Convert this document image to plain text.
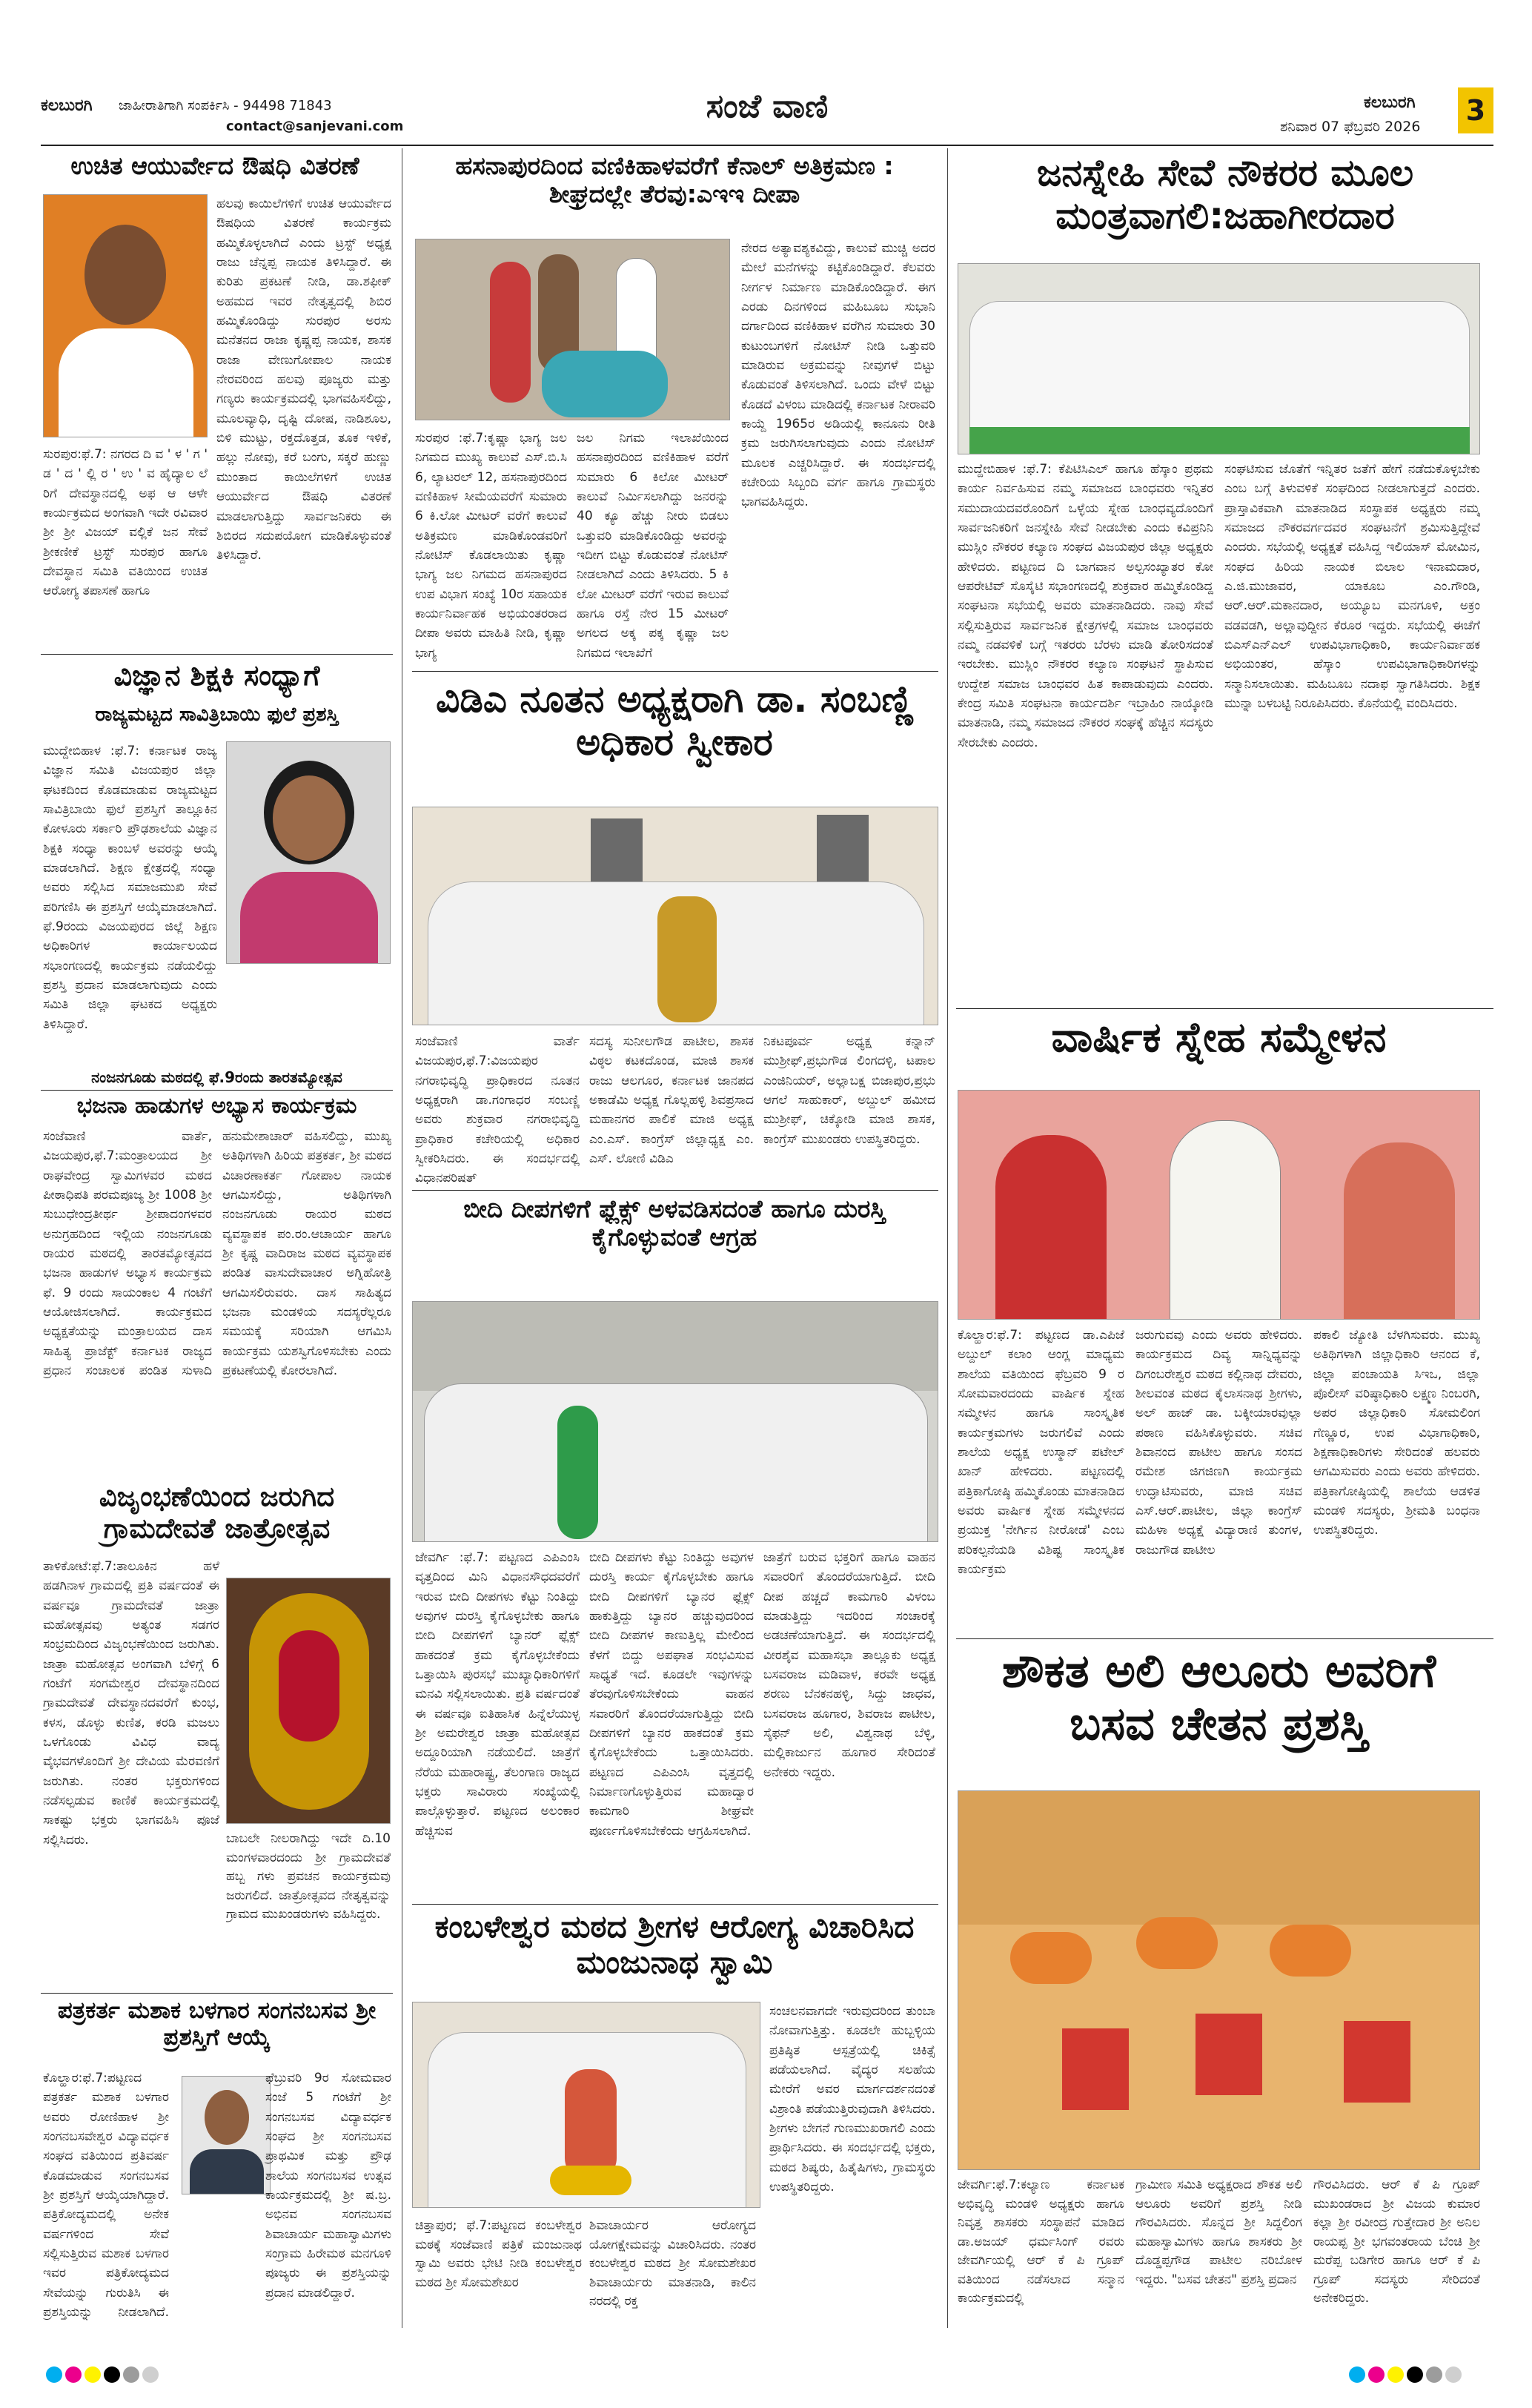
ಕಲಬುರಗಿ ಜಾಹೀರಾತಿಗಾಗಿ ಸಂಪರ್ಕಿಸಿ - 94498 71843
contact@sanjevani.com
ಸಂಜೆ ವಾಣಿ	ಕಲಬುರಗಿ
ಶನಿವಾರ 07 ಫೆಬ್ರವರಿ 2026 3
ಉಚಿತ ಆಯುರ್ವೇದ ಔಷಧಿ ವಿತರಣೆ
ಹಲವು ಕಾಯಿಲೆಗಳಿಗೆ ಉಚಿತ ಆಯುರ್ವೇದ ಔಷಧಿಯ ವಿತರಣೆ ಕಾರ್ಯಕ್ರಮ ಹಮ್ಮಿಕೊಳ್ಳಲಾಗಿದೆ ಎಂದು ಟ್ರಸ್ಟ್ ಅಧ್ಯಕ್ಷ ರಾಜು ಚೆನ್ನಪ್ಪ ನಾಯಕ ತಿಳಿಸಿದ್ದಾರೆ. ಈ ಕುರಿತು ಪ್ರಕಟಣೆ ನೀಡಿ, ಡಾ.ಶಫೀಕ್ ಅಹಮದ ಇವರ ನೇತೃತ್ವದಲ್ಲಿ ಶಿಬಿರ ಹಮ್ಮಿಕೊಂಡಿದ್ದು ಸುರಪುರ ಅರಸು ಮನೆತನದ ರಾಜಾ ಕೃಷ್ಣಪ್ಪ ನಾಯಕ, ಶಾಸಕ ರಾಜಾ ವೇಣುಗೋಪಾಲ ನಾಯಕ ನೇರವರಿಂದ ಹಲವು ಪೂಜ್ಯರು ಮತ್ತು ಗಣ್ಯರು ಕಾರ್ಯಕ್ರಮದಲ್ಲಿ ಭಾಗವಹಿಸಲಿದ್ದು, ಮೂಲವ್ಯಾಧಿ, ದೃಷ್ಟಿ ದೋಷ, ನಾಡಿಶೂಲ, ಬಿಳಿ ಮುಟ್ಟು, ರಕ್ತದೊತ್ತಡ, ತೂಕ ಇಳಿಕೆ, ಹಲ್ಲು ನೋವು, ಕರೆ ಬಂಗು, ಸಕ್ಕರೆ ಹುಣ್ಣು ಮುಂತಾದ ಕಾಯಿಲೆಗಳಿಗೆ ಉಚಿತ ಆಯುರ್ವೇದ ಔಷಧಿ ವಿತರಣೆ ಮಾಡಲಾಗುತ್ತಿದ್ದು ಸಾರ್ವಜನಿಕರು ಈ ಶಿಬಿರದ ಸದುಪಯೋಗ ಮಾಡಿಕೊಳ್ಳುವಂತೆ ತಿಳಿಸಿದ್ದಾರೆ.
ಸುರಪುರ:ಫೆ.7: ನಗರದ ದಿ ವ ' ಳ ' ಗ ' ಡ ' ದ ' ಲ್ಲಿ ರ ' ಉ ' ವ ಹೈದ್ಯಾಲ ಲೆ ರಿಗೆ ದೇವಸ್ಥಾನದಲ್ಲಿ ಅಫ ಆ ಆಳೇ ಕಾರ್ಯಕ್ರಮದ ಅಂಗವಾಗಿ ಇದೇ ರವಿವಾರ ಶ್ರೀ ಶ್ರೀ ವಿಜಯ್ ವಲ್ಲಿಕೆ ಜನ ಸೇವೆ ಶ್ರೀಕಣೀಕೆ ಟ್ರಸ್ಟ್ ಸುರಪುರ ಹಾಗೂ ದೇವಸ್ಥಾನ ಸಮಿತಿ ವತಿಯಿಂದ ಉಚಿತ ಆರೋಗ್ಯ ತಪಾಸಣೆ ಹಾಗೂ
ವಿಜ್ಞಾನ ಶಿಕ್ಷಕಿ ಸಂಧ್ಯಾಗೆ
ರಾಜ್ಯಮಟ್ಟದ ಸಾವಿತ್ರಿಬಾಯಿ ಫುಲೆ ಪ್ರಶಸ್ತಿ
ಮುದ್ದೇಬಿಹಾಳ :ಫೆ.7: ಕರ್ನಾಟಕ ರಾಜ್ಯ ವಿಜ್ಞಾನ ಸಮಿತಿ ವಿಜಯಪುರ ಜಿಲ್ಲಾ ಘಟಕದಿಂದ ಕೊಡಮಾಡುವ ರಾಜ್ಯಮಟ್ಟದ ಸಾವಿತ್ರಿಬಾಯಿ ಫುಲೆ ಪ್ರಶಸ್ತಿಗೆ ತಾಲ್ಲೂಕಿನ ಕೋಳೂರು ಸರ್ಕಾರಿ ಪ್ರೌಢಶಾಲೆಯ ವಿಜ್ಞಾನ ಶಿಕ್ಷಕಿ ಸಂಧ್ಯಾ ಕಾಂಬಳೆ ಅವರನ್ನು ಆಯ್ಕೆ ಮಾಡಲಾಗಿದೆ. ಶಿಕ್ಷಣ ಕ್ಷೇತ್ರದಲ್ಲಿ ಸಂಧ್ಯಾ ಅವರು ಸಲ್ಲಿಸಿದ ಸಮಾಜಮುಖಿ ಸೇವೆ ಪರಿಗಣಿಸಿ ಈ ಪ್ರಶಸ್ತಿಗೆ ಆಯ್ಕೆಮಾಡಲಾಗಿದೆ. ಫೆ.9ರಂದು ವಿಜಯಪುರದ ಜಿಲ್ಲೆ ಶಿಕ್ಷಣ ಅಧಿಕಾರಿಗಳ ಕಾರ್ಯಾಲಯದ ಸಭಾಂಗಣದಲ್ಲಿ ಕಾರ್ಯಕ್ರಮ ನಡೆಯಲಿದ್ದು ಪ್ರಶಸ್ತಿ ಪ್ರದಾನ ಮಾಡಲಾಗುವುದು ಎಂದು ಸಮಿತಿ ಜಿಲ್ಲಾ ಘಟಕದ ಅಧ್ಯಕ್ಷರು ತಿಳಿಸಿದ್ದಾರೆ.
ನಂಜನಗೂಡು ಮಠದಲ್ಲಿ ಫೆ.9ರಂದು ತಾರತಮ್ಯೋತ್ಸವ
ಭಜನಾ ಹಾಡುಗಳ ಅಭ್ಯಾಸ ಕಾರ್ಯಕ್ರಮ
ಸಂಜೆವಾಣಿ ವಾರ್ತೆ, ವಿಜಯಪುರ,ಫೆ.7:ಮಂತ್ರಾಲಯದ ಶ್ರೀ ರಾಘವೇಂದ್ರ ಸ್ವಾಮಿಗಳವರ ಮಠದ ಪೀಠಾಧಿಪತಿ ಪರಮಪೂಜ್ಯ ಶ್ರೀ 1008 ಶ್ರೀ ಸುಬುಧೇಂದ್ರತೀರ್ಥ ಶ್ರೀಪಾದಂಗಳವರ ಅನುಗ್ರಹದಿಂದ ಇಲ್ಲಿಯ ನಂಜನಗೂಡು ರಾಯರ ಮಠದಲ್ಲಿ ತಾರತಮ್ಯೋತ್ಸವದ ಭಜನಾ ಹಾಡುಗಳ ಅಭ್ಯಾಸ ಕಾರ್ಯಕ್ರಮ ಫೆ. 9 ರಂದು ಸಾಯಂಕಾಲ 4 ಗಂಟೆಗೆ ಆಯೋಜಿಸಲಾಗಿದೆ. ಕಾರ್ಯಕ್ರಮದ ಅಧ್ಯಕ್ಷತೆಯನ್ನು ಮಂತ್ರಾಲಯದ ದಾಸ ಸಾಹಿತ್ಯ ಪ್ರಾಜೆಕ್ಟ್ ಕರ್ನಾಟಕ ರಾಜ್ಯದ ಪ್ರಧಾನ ಸಂಚಾಲಕ ಪಂಡಿತ ಸುಳಾದಿ ಹನುಮೇಶಾಚಾರ್ ವಹಿಸಲಿದ್ದು, ಮುಖ್ಯ ಅತಿಥಿಗಳಾಗಿ ಹಿರಿಯ ಪತ್ರಕರ್ತ, ಶ್ರೀ ಮಠದ ವಿಚಾರಣಾಕರ್ತ ಗೋಪಾಲ ನಾಯಕ ಆಗಮಿಸಲಿದ್ದು, ಅತಿಥಿಗಳಾಗಿ ನಂಜನಗೂಡು ರಾಯರ ಮಠದ ವ್ಯವಸ್ಥಾಪಕ ಪಂ.ರಂ.ಆಚಾರ್ಯ ಹಾಗೂ ಶ್ರೀ ಕೃಷ್ಣ ವಾದಿರಾಜ ಮಠದ ವ್ಯವಸ್ಥಾಪಕ ಪಂಡಿತ ವಾಸುದೇವಾಚಾರ ಅಗ್ನಿಹೋತ್ರಿ ಆಗಮಿಸಲಿರುವರು. ದಾಸ ಸಾಹಿತ್ಯದ ಭಜನಾ ಮಂಡಳಿಯ ಸದಸ್ಯರೆಲ್ಲರೂ ಸಮಯಕ್ಕೆ ಸರಿಯಾಗಿ ಆಗಮಿಸಿ ಕಾರ್ಯಕ್ರಮ ಯಶಸ್ವಿಗೊಳಿಸಬೇಕು ಎಂದು ಪ್ರಕಟಣೆಯಲ್ಲಿ ಕೋರಲಾಗಿದೆ.
ವಿಜೃಂಭಣೆಯಿಂದ ಜರುಗಿದ ಗ್ರಾಮದೇವತೆ ಜಾತ್ರೋತ್ಸವ
ತಾಳಿಕೋಟೆ:ಫೆ.7:ತಾಲೂಕಿನ ಹಳೆ ಹಡಗಿನಾಳ ಗ್ರಾಮದಲ್ಲಿ ಪ್ರತಿ ವರ್ಷದಂತೆ ಈ ವರ್ಷವೂ ಗ್ರಾಮದೇವತೆ ಜಾತ್ರಾ ಮಹೋತ್ಸವವು ಅತ್ಯಂತ ಸಡಗರ ಸಂಭ್ರಮದಿಂದ ವಿಜೃಂಭಣೆಯಿಂದ ಜರುಗಿತು. ಜಾತ್ರಾ ಮಹೋತ್ಸವ ಅಂಗವಾಗಿ ಬೆಳಿಗ್ಗೆ 6 ಗಂಟೆಗೆ ಸಂಗಮೇಶ್ವರ ದೇವಸ್ಥಾನದಿಂದ ಗ್ರಾಮದೇವತೆ ದೇವಸ್ಥಾನದವರೆಗೆ ಕುಂಭ, ಕಳಸ, ಡೊಳ್ಳು ಕುಣಿತ, ಕರಡಿ ಮಜಲು ಒಳಗೊಂಡು ವಿವಿಧ ವಾದ್ಯ ವೈಭವಗಳೊಂದಿಗೆ ಶ್ರೀ ದೇವಿಯ ಮೆರವಣಿಗೆ ಜರುಗಿತು. ನಂತರ ಭಕ್ತರುಗಳಿಂದ ನಡೆಸಲ್ಪಡುವ ಕಾಣಿಕೆ ಕಾರ್ಯಕ್ರಮದಲ್ಲಿ ಸಾಕಷ್ಟು ಭಕ್ತರು ಭಾಗವಹಿಸಿ ಪೂಜೆ ಸಲ್ಲಿಸಿದರು.	ಬಾಬಲೇ ನೀಲರಾಗಿದ್ದು ಇದೇ ದಿ.10 ಮಂಗಳವಾರದಂದು ಶ್ರೀ ಗ್ರಾಮದೇವತೆ ಹಬ್ಬ ಗಳು ಪ್ರವಚನ ಕಾರ್ಯಕ್ರಮವು ಜರುಗಲಿದೆ. ಜಾತ್ರೋತ್ಸವದ ನೇತೃತ್ವವನ್ನು ಗ್ರಾಮದ ಮುಖಂಡರುಗಳು ವಹಿಸಿದ್ದರು.
ಪತ್ರಕರ್ತ ಮಶಾಕ ಬಳಗಾರ ಸಂಗನಬಸವ ಶ್ರೀ ಪ್ರಶಸ್ತಿಗೆ ಆಯ್ಕೆ
ಕೊಲ್ಹಾರ:ಫೆ.7:ಪಟ್ಟಣದ ಪತ್ರಕರ್ತ ಮಶಾಕ ಬಳಗಾರ ಅವರು ರೋಣಿಹಾಳ ಶ್ರೀ ಸಂಗನಬಸವೇಶ್ವರ ವಿದ್ಯಾವರ್ಧಕ ಸಂಘದ ವತಿಯಿಂದ ಪ್ರತಿವರ್ಷ ಕೊಡಮಾಡುವ ಸಂಗನಬಸವ ಶ್ರೀ ಪ್ರಶಸ್ತಿಗೆ ಆಯ್ಕೆಯಾಗಿದ್ದಾರೆ. ಪತ್ರಿಕೋದ್ಯಮದಲ್ಲಿ ಅನೇಕ ವರ್ಷಗಳಿಂದ ಸೇವೆ ಸಲ್ಲಿಸುತ್ತಿರುವ ಮಶಾಕ ಬಳಗಾರ ಇವರ ಪತ್ರಿಕೋದ್ಯಮದ ಸೇವೆಯನ್ನು ಗುರುತಿಸಿ ಈ ಪ್ರಶಸ್ತಿಯನ್ನು ನೀಡಲಾಗಿದೆ. ಫೆಬ್ರುವರಿ 9ರ ಸೋಮವಾರ ಸಂಜೆ 5 ಗಂಟೆಗೆ ಶ್ರೀ ಸಂಗನಬಸವ ವಿದ್ಯಾವರ್ಧಕ ಸಂಘದ ಶ್ರೀ ಸಂಗನಬಸವ ಪ್ರಾಥಮಿಕ ಮತ್ತು ಪ್ರೌಢ ಶಾಲೆಯ ಸಂಗನಬಸವ ಉತ್ಸವ ಕಾರ್ಯಕ್ರಮದಲ್ಲಿ ಶ್ರೀ ಷ.ಬ್ರ. ಅಭಿನವ ಸಂಗನಬಸವ ಶಿವಾಚಾರ್ಯ ಮಹಾಸ್ವಾಮಿಗಳು ಸಂಗ್ರಾಮ ಹಿರೇಮಠ ಮನಗೂಳಿ ಪೂಜ್ಯರು ಈ ಪ್ರಶಸ್ತಿಯನ್ನು ಪ್ರದಾನ ಮಾಡಲಿದ್ದಾರೆ.
ಹಸನಾಪುರದಿಂದ ವಣಿಕಿಹಾಳವರೆಗೆ ಕೆನಾಲ್ ಅತಿಕ್ರಮಣ : ಶೀಘ್ರದಲ್ಲೇ ತೆರವು:ಎಇಇ ದೀಪಾ
ನೇರದ ಅತ್ಯಾವಶ್ಯಕವಿದ್ದು, ಕಾಲುವೆ ಮುಚ್ಚಿ ಅದರ ಮೇಲೆ ಮನೆಗಳನ್ನು ಕಟ್ಟಿಕೊಂಡಿದ್ದಾರೆ. ಕೆಲವರು ನೀರ್ಗಳ ನಿರ್ಮಾಣ ಮಾಡಿಕೊಂಡಿದ್ದಾರೆ. ಈಗ ಎರಡು ದಿನಗಳಿಂದ ಮಹಿಬೂಬ ಸುಭಾನಿ ದರ್ಗಾದಿಂದ ವಣಿಕಿಹಾಳ ವರೆಗಿನ ಸುಮಾರು 30 ಕುಟುಂಬಗಳಿಗೆ ನೋಟಿಸ್ ನೀಡಿ ಒತ್ತುವರಿ ಮಾಡಿರುವ ಅಕ್ರಮವನ್ನು ನೀವುಗಳೆ ಬಿಟ್ಟು ಕೊಡುವಂತೆ ತಿಳಿಸಲಾಗಿದೆ. ಒಂದು ವೇಳೆ ಬಿಟ್ಟು ಕೊಡದೆ ವಿಳಂಬ ಮಾಡಿದಲ್ಲಿ ಕರ್ನಾಟಕ ನೀರಾವರಿ ಕಾಯ್ದೆ 1965ರ ಅಡಿಯಲ್ಲಿ ಕಾನೂನು ರೀತಿ ಕ್ರಮ ಜರುಗಿಸಲಾಗುವುದು ಎಂದು ನೋಟಿಸ್ ಮೂಲಕ ಎಚ್ಚರಿಸಿದ್ದಾರೆ. ಈ ಸಂದರ್ಭದಲ್ಲಿ ಕಚೇರಿಯ ಸಿಬ್ಬಂದಿ ವರ್ಗ ಹಾಗೂ ಗ್ರಾಮಸ್ಥರು ಭಾಗವಹಿಸಿದ್ದರು.
ಸುರಪುರ :ಫೆ.7:ಕೃಷ್ಣಾ ಭಾಗ್ಯ ಜಲ ನಿಗಮದ ಮುಖ್ಯ ಕಾಲುವೆ ಎಸ್.ಬಿ.ಸಿ 6, ಲ್ಯಾಟರಲ್ 12, ಹಸನಾಪುರದಿಂದ ವಣಿಕಿಹಾಳ ಸೀಮೆಯವರೆಗೆ ಸುಮಾರು 6 ಕಿ.ಲೋ ಮೀಟರ್ ವರೆಗೆ ಕಾಲುವೆ ಅತಿಕ್ರಮಣ ಮಾಡಿಕೊಂಡವರಿಗೆ ನೋಟಿಸ್ ಕೊಡಲಾಯಿತು ಕೃಷ್ಣಾ ಭಾಗ್ಯ ಜಲ ನಿಗಮದ ಹಸನಾಪುರದ ಉಪ ವಿಭಾಗ ಸಂಖ್ಯೆ 10ರ ಸಹಾಯಕ ಕಾರ್ಯನಿರ್ವಾಹಕ ಅಭಿಯಂತರರಾದ ದೀಪಾ ಅವರು ಮಾಹಿತಿ ನೀಡಿ, ಕೃಷ್ಣಾ ಭಾಗ್ಯ
ಜಲ ನಿಗಮ ಇಲಾಖೆಯಿಂದ ಹಸನಾಪುರದಿಂದ ವಣಿಕಿಹಾಳ ವರೆಗೆ ಸುಮಾರು 6 ಕಿಲೋ ಮೀಟರ್ ಕಾಲುವೆ ನಿರ್ಮಿಸಲಾಗಿದ್ದು ಜನರನ್ನು 40 ಕ್ಯೂ ಹೆಚ್ಚು ನೀರು ಬಿಡಲು ಒತ್ತುವರಿ ಮಾಡಿಕೊಂಡಿದ್ದು ಅವರನ್ನು ಇದೀಗ ಬಿಟ್ಟು ಕೊಡುವಂತೆ ನೋಟಿಸ್ ನೀಡಲಾಗಿದೆ ಎಂದು ತಿಳಿಸಿದರು. 5 ಕಿ ಲೋ ಮೀಟರ್ ವರೆಗೆ ಇರುವ ಕಾಲುವೆ ಹಾಗೂ ರಸ್ತೆ ನೇರ 15 ಮೀಟರ್ ಅಗಲದ ಅಕ್ಕ ಪಕ್ಕ ಕೃಷ್ಣಾ ಜಲ ನಿಗಮದ ಇಲಾಖೆಗೆ
ವಿಡಿಎ ನೂತನ ಅಧ್ಯಕ್ಷರಾಗಿ ಡಾ. ಸಂಬಣ್ಣಿ ಅಧಿಕಾರ ಸ್ವೀಕಾರ
ಸಂಜೆವಾಣಿ ವಾರ್ತೆ ವಿಜಯಪುರ,ಫೆ.7:ವಿಜಯಪುರ ನಗರಾಭಿವೃದ್ಧಿ ಪ್ರಾಧಿಕಾರದ ನೂತನ ಅಧ್ಯಕ್ಷರಾಗಿ ಡಾ.ಗಂಗಾಧರ ಸಂಬಣ್ಣಿ ಅವರು ಶುಕ್ರವಾರ ನಗರಾಭಿವೃದ್ಧಿ ಪ್ರಾಧಿಕಾರ ಕಚೇರಿಯಲ್ಲಿ ಅಧಿಕಾರ ಸ್ವೀಕರಿಸಿದರು. ಈ ಸಂದರ್ಭದಲ್ಲಿ ವಿಧಾನಪರಿಷತ್
ಸದಸ್ಯ ಸುನೀಲಗೌಡ ಪಾಟೀಲ, ಶಾಸಕ ವಿಠ್ಠಲ ಕಟಕದೊಂಡ, ಮಾಜಿ ಶಾಸಕ ರಾಜು ಆಲಗೂರ, ಕರ್ನಾಟಕ ಜಾನಪದ ಅಕಾಡೆಮಿ ಅಧ್ಯಕ್ಷ ಗೊಲ್ಲಹಳ್ಳಿ ಶಿವಪ್ರಸಾದ ಮಹಾನಗರ ಪಾಲಿಕೆ ಮಾಜಿ ಅಧ್ಯಕ್ಷ ಎಂ.ಎಸ್. ಕಾಂಗ್ರೆಸ್ ಜಿಲ್ಲಾಧ್ಯಕ್ಷ ಎಂ. ಎಸ್. ಲೋಣಿ ವಿಡಿಎ
ನಿಕಟಪೂರ್ವ ಅಧ್ಯಕ್ಷ ಕನ್ನಾನ್ ಮುಶ್ರೀಫ್,ಪ್ರಭುಗೌಡ ಲಿಂಗದಳ್ಳಿ, ಟಪಾಲ ಎಂಜಿನಿಯರ್, ಅಲ್ಲಾಬಕ್ಷ ಬಿಜಾಪುರ,ಪ್ರಭು ಆಗಲೆ ಸಾಹುಕಾರ್, ಅಬ್ದುಲ್ ಹಮೀದ ಮುಶ್ರೀಫ್, ಚಿಕ್ಕೋಡಿ ಮಾಜಿ ಶಾಸಕ, ಕಾಂಗ್ರೆಸ್ ಮುಖಂಡರು ಉಪಸ್ಥಿತರಿದ್ದರು.
ಬೀದಿ ದೀಪಗಳಿಗೆ ಫ್ಲೆಕ್ಸ್ ಅಳವಡಿಸದಂತೆ ಹಾಗೂ ದುರಸ್ತಿ ಕೈಗೊಳ್ಳುವಂತೆ ಆಗ್ರಹ
ಜೇವರ್ಗಿ :ಫೆ.7: ಪಟ್ಟಣದ ಎಪಿಎಂಸಿ ವೃತ್ತದಿಂದ ಮಿನಿ ವಿಧಾನಸೌಧದವರೆಗೆ ಇರುವ ಬೀದಿ ದೀಪಗಳು ಕೆಟ್ಟು ನಿಂತಿದ್ದು ಅವುಗಳ ದುರಸ್ತಿ ಕೈಗೊಳ್ಳಬೇಕು ಹಾಗೂ ಬೀದಿ ದೀಪಗಳಿಗೆ ಬ್ಯಾನರ್ ಫ್ಲೆಕ್ಸ್ ಹಾಕದಂತೆ ಕ್ರಮ ಕೈಗೊಳ್ಳಬೇಕೆಂದು ಒತ್ತಾಯಿಸಿ ಪುರಸಭೆ ಮುಖ್ಯಾಧಿಕಾರಿಗಳಿಗೆ ಮನವಿ ಸಲ್ಲಿಸಲಾಯಿತು. ಪ್ರತಿ ವರ್ಷದಂತೆ ಈ ವರ್ಷವೂ ಐತಿಹಾಸಿಕ ಹಿನ್ನೆಲೆಯುಳ್ಳ ಶ್ರೀ ಅಮರೇಶ್ವರ ಜಾತ್ರಾ ಮಹೋತ್ಸವ ಅದ್ದೂರಿಯಾಗಿ ನಡೆಯಲಿದೆ. ಜಾತ್ರೆಗೆ ನೆರೆಯ ಮಹಾರಾಷ್ಟ್ರ, ತೆಲಂಗಾಣ ರಾಜ್ಯದ ಭಕ್ತರು ಸಾವಿರಾರು ಸಂಖ್ಯೆಯಲ್ಲಿ ಪಾಲ್ಗೊಳ್ಳುತ್ತಾರೆ. ಪಟ್ಟಣದ ಅಲಂಕಾರ ಹೆಚ್ಚಿಸುವ
ಬೀದಿ ದೀಪಗಳು ಕೆಟ್ಟು ನಿಂತಿದ್ದು ಅವುಗಳ ದುರಸ್ತಿ ಕಾರ್ಯ ಕೈಗೊಳ್ಳಬೇಕು ಹಾಗೂ ಬೀದಿ ದೀಪಗಳಿಗೆ ಬ್ಯಾನರ ಫ್ಲೆಕ್ಸ್ ಹಾಕುತ್ತಿದ್ದು ಬ್ಯಾನರ ಹಚ್ಚುವುದರಿಂದ ಬೀದಿ ದೀಪಗಳ ಕಾಣುತ್ತಿಲ್ಲ ಮೇಲಿಂದ ಕೆಳಗೆ ಬಿದ್ದು ಅಪಘಾತ ಸಂಭವಿಸುವ ಸಾಧ್ಯತೆ ಇದೆ. ಕೂಡಲೇ ಇವುಗಳನ್ನು ತೆರವುಗೊಳಿಸಬೇಕೆಂದು ವಾಹನ ಸವಾರರಿಗೆ ತೊಂದರೆಯಾಗುತ್ತಿದ್ದು ಬೀದಿ ದೀಪಗಳಿಗೆ ಬ್ಯಾನರ ಹಾಕದಂತೆ ಕ್ರಮ ಕೈಗೊಳ್ಳಬೇಕೆಂದು ಒತ್ತಾಯಿಸಿದರು. ಪಟ್ಟಣದ ಎಪಿಎಂಸಿ ವೃತ್ತದಲ್ಲಿ ನಿರ್ಮಾಣಗೊಳ್ಳುತ್ತಿರುವ ಮಹಾದ್ವಾರ ಕಾಮಗಾರಿ ಶೀಘ್ರವೇ ಪೂರ್ಣಗೊಳಿಸಬೇಕೆಂದು ಆಗ್ರಹಿಸಲಾಗಿದೆ.
ಜಾತ್ರೆಗೆ ಬರುವ ಭಕ್ತರಿಗೆ ಹಾಗೂ ವಾಹನ ಸವಾರರಿಗೆ ತೊಂದರೆಯಾಗುತ್ತಿದೆ. ಬೀದಿ ದೀಪ ಹಚ್ಚದೆ ಕಾಮಗಾರಿ ವಿಳಂಬ ಮಾಡುತ್ತಿದ್ದು ಇದರಿಂದ ಸಂಚಾರಕ್ಕೆ ಅಡಚಣೆಯಾಗುತ್ತಿದೆ. ಈ ಸಂದರ್ಭದಲ್ಲಿ ವೀರಶೈವ ಮಹಾಸಭಾ ತಾಲ್ಲೂಕು ಅಧ್ಯಕ್ಷ ಬಸವರಾಜ ಮಡಿವಾಳ, ಕರವೇ ಅಧ್ಯಕ್ಷ ಶರಣು ಬೆನಕನಹಳ್ಳಿ, ಸಿದ್ದು ಜಾಧವ, ಬಸವರಾಜ ಹೂಗಾರ, ಶಿವರಾಜ ಪಾಟೀಲ, ಸೈಫನ್ ಅಲಿ, ವಿಶ್ವನಾಥ ಬೆಳ್ಳಿ, ಮಲ್ಲಿಕಾರ್ಜುನ ಹೂಗಾರ ಸೇರಿದಂತೆ ಅನೇಕರು ಇದ್ದರು.
ಕಂಬಳೇಶ್ವರ ಮಠದ ಶ್ರೀಗಳ ಆರೋಗ್ಯ ವಿಚಾರಿಸಿದ ಮಂಜುನಾಥ ಸ್ವಾಮಿ
ಸಂಚಲನವಾಗದೇ ಇರುವುದರಿಂದ ತುಂಬಾ ನೋವಾಗುತ್ತಿತ್ತು. ಕೂಡಲೇ ಹುಬ್ಬಳ್ಳಿಯ ಪ್ರತಿಷ್ಠಿತ ಆಸ್ಪತ್ರೆಯಲ್ಲಿ ಚಿಕಿತ್ಸೆ ಪಡೆಯಲಾಗಿದೆ. ವೈದ್ಯರ ಸಲಹೆಯ ಮೇರೆಗೆ ಅವರ ಮಾರ್ಗದರ್ಶನದಂತೆ ವಿಶ್ರಾಂತಿ ಪಡೆಯುತ್ತಿರುವುದಾಗಿ ತಿಳಿಸಿದರು. ಶ್ರೀಗಳು ಬೇಗನೆ ಗುಣಮುಖರಾಗಲಿ ಎಂದು ಪ್ರಾರ್ಥಿಸಿದರು. ಈ ಸಂದರ್ಭದಲ್ಲಿ ಭಕ್ತರು, ಮಠದ ಶಿಷ್ಯರು, ಹಿತೈಷಿಗಳು, ಗ್ರಾಮಸ್ಥರು ಉಪಸ್ಥಿತರಿದ್ದರು.
ಚಿತ್ತಾಪುರ; ಫೆ.7:ಪಟ್ಟಣದ ಕಂಬಳೇಶ್ವರ ಮಠಕ್ಕೆ ಸಂಜೆವಾಣಿ ಪತ್ರಿಕೆ ಮಂಜುನಾಥ ಸ್ವಾಮಿ ಅವರು ಭೇಟಿ ನೀಡಿ ಕಂಬಳೇಶ್ವರ ಮಠದ ಶ್ರೀ ಸೋಮಶೇಖರ
ಶಿವಾಚಾರ್ಯರ ಆರೋಗ್ಯದ ಯೋಗಕ್ಷೇಮವನ್ನು ವಿಚಾರಿಸಿದರು. ನಂತರ ಕಂಬಳೇಶ್ವರ ಮಠದ ಶ್ರೀ ಸೋಮಶೇಖರ ಶಿವಾಚಾರ್ಯರು ಮಾತನಾಡಿ, ಕಾಲಿನ ನರದಲ್ಲಿ ರಕ್ತ
ಜನಸ್ನೇಹಿ ಸೇವೆ ನೌಕರರ ಮೂಲ ಮಂತ್ರವಾಗಲಿ:ಜಹಾಗೀರದಾರ
ಮುದ್ದೇಬಿಹಾಳ :ಫೆ.7: ಕೆಪಿಟಿಸಿಎಲ್ ಹಾಗೂ ಹೆಸ್ಕಾಂ ಪ್ರಥಮ ಕಾರ್ಯ ನಿರ್ವಹಿಸುವ ನಮ್ಮ ಸಮಾಜದ ಬಾಂಧವರು ಇನ್ನಿತರ ಸಮುದಾಯದವರೊಂದಿಗೆ ಒಳ್ಳೆಯ ಸ್ನೇಹ ಬಾಂಧವ್ಯದೊಂದಿಗೆ ಸಾರ್ವಜನಿಕರಿಗೆ ಜನಸ್ನೇಹಿ ಸೇವೆ ನೀಡಬೇಕು ಎಂದು ಕವಿಪ್ರನಿನಿ ಮುಸ್ಲಿಂ ನೌಕರರ ಕಲ್ಯಾಣ ಸಂಘದ ವಿಜಯಪುರ ಜಿಲ್ಲಾ ಅಧ್ಯಕ್ಷರು ಹೇಳಿದರು. ಪಟ್ಟಣದ ದಿ ಬಾಗವಾನ ಅಲ್ಪಸಂಖ್ಯಾತರ ಕೋ ಆಪರೇಟಿವ್ ಸೊಸೈಟಿ ಸಭಾಂಗಣದಲ್ಲಿ ಶುಕ್ರವಾರ ಹಮ್ಮಿಕೊಂಡಿದ್ದ ಸಂಘಟನಾ ಸಭೆಯಲ್ಲಿ ಅವರು ಮಾತನಾಡಿದರು. ನಾವು ಸೇವೆ ಸಲ್ಲಿಸುತ್ತಿರುವ ಸಾರ್ವಜನಿಕ ಕ್ಷೇತ್ರಗಳಲ್ಲಿ ಸಮಾಜ ಬಾಂಧವರು ನಮ್ಮ ನಡವಳಿಕೆ ಬಗ್ಗೆ ಇತರರು ಬೆರಳು ಮಾಡಿ ತೋರಿಸದಂತೆ ಇರಬೇಕು. ಮುಸ್ಲಿಂ ನೌಕರರ ಕಲ್ಯಾಣ ಸಂಘಟನೆ ಸ್ಥಾಪಿಸುವ ಉದ್ದೇಶ ಸಮಾಜ ಬಾಂಧವರ ಹಿತ ಕಾಪಾಡುವುದು ಎಂದರು. ಕೇಂದ್ರ ಸಮಿತಿ ಸಂಘಟನಾ ಕಾರ್ಯದರ್ಶಿ ಇಬ್ರಾಹಿಂ ನಾಯ್ಕೋಡಿ ಮಾತನಾಡಿ, ನಮ್ಮ ಸಮಾಜದ ನೌಕರರ ಸಂಘಕ್ಕೆ ಹೆಚ್ಚಿನ ಸದಸ್ಯರು ಸೇರಬೇಕು ಎಂದರು.
ಸಂಘಟಿಸುವ ಜೊತೆಗೆ ಇನ್ನಿತರ ಜತೆಗೆ ಹೇಗೆ ನಡೆದುಕೊಳ್ಳಬೇಕು ಎಂಬ ಬಗ್ಗೆ ತಿಳುವಳಿಕೆ ಸಂಘದಿಂದ ನೀಡಲಾಗುತ್ತದೆ ಎಂದರು. ಪ್ರಾಸ್ತಾವಿಕವಾಗಿ ಮಾತನಾಡಿದ ಸಂಸ್ಥಾಪಕ ಅಧ್ಯಕ್ಷರು ನಮ್ಮ ಸಮಾಜದ ನೌಕರವರ್ಗದವರ ಸಂಘಟನೆಗೆ ಶ್ರಮಿಸುತ್ತಿದ್ದೇವೆ ಎಂದರು. ಸಭೆಯಲ್ಲಿ ಅಧ್ಯಕ್ಷತೆ ವಹಿಸಿದ್ದ ಇಲಿಯಾಸ್ ಮೋಮಿನ, ಸಂಘದ ಹಿರಿಯ ನಾಯಕ ಬಿಲಾಲ ಇನಾಮದಾರ, ಎ.ಜಿ.ಮುಜಾವರ, ಯಾಕೂಬ ಎಂ.ಗೌಂಡಿ, ಆರ್.ಆರ್.ಮಕಾನದಾರ, ಅಯ್ಯೂಬ ಮನಗೂಳಿ, ಅಕ್ರಂ ವಡವಡಗಿ, ಅಲ್ಲಾವುದ್ದೀನ ಕೆರೂರ ಇದ್ದರು. ಸಭೆಯಲ್ಲಿ ಈಚೆಗೆ ಬಿಎಸ್‌ಎನ್‌ಎಲ್ ಉಪವಿಭಾಗಾಧಿಕಾರಿ, ಕಾರ್ಯನಿರ್ವಾಹಕ ಅಭಿಯಂತರ, ಹೆಸ್ಕಾಂ ಉಪವಿಭಾಗಾಧಿಕಾರಿಗಳನ್ನು ಸನ್ಮಾನಿಸಲಾಯಿತು. ಮಹಿಬೂಬ ನದಾಫ ಸ್ವಾಗತಿಸಿದರು. ಶಿಕ್ಷಕ ಮುನ್ನಾ ಬಳಬಟ್ಟಿ ನಿರೂಪಿಸಿದರು. ಕೊನೆಯಲ್ಲಿ ವಂದಿಸಿದರು.
ವಾರ್ಷಿಕ ಸ್ನೇಹ ಸಮ್ಮೇಳನ
ಕೊಲ್ಹಾರ:ಫೆ.7: ಪಟ್ಟಣದ ಡಾ.ಎಪಿಜೆ ಅಬ್ದುಲ್ ಕಲಾಂ ಆಂಗ್ಲ ಮಾಧ್ಯಮ ಶಾಲೆಯ ವತಿಯಿಂದ ಫೆಬ್ರವರಿ 9 ರ ಸೋಮವಾರದಂದು ವಾರ್ಷಿಕ ಸ್ನೇಹ ಸಮ್ಮೇಳನ ಹಾಗೂ ಸಾಂಸ್ಕೃತಿಕ ಕಾರ್ಯಕ್ರಮಗಳು ಜರುಗಲಿವೆ ಎಂದು ಶಾಲೆಯ ಅಧ್ಯಕ್ಷ ಉಸ್ಮಾನ್ ಪಟೇಲ್ ಖಾನ್ ಹೇಳಿದರು. ಪಟ್ಟಣದಲ್ಲಿ ಪತ್ರಿಕಾಗೋಷ್ಠಿ ಹಮ್ಮಿಕೊಂಡು ಮಾತನಾಡಿದ ಅವರು ವಾರ್ಷಿಕ ಸ್ನೇಹ ಸಮ್ಮೇಳನದ ಪ್ರಯುಕ್ತ 'ನೇರ್ಗಿನ ನೀರೋಡೆ' ಎಂಬ ಪರಿಕಲ್ಪನೆಯಡಿ ವಿಶಿಷ್ಟ ಸಾಂಸ್ಕೃತಿಕ ಕಾರ್ಯಕ್ರಮ
ಜರುಗುವವು ಎಂದು ಅವರು ಹೇಳಿದರು. ಕಾರ್ಯಕ್ರಮದ ದಿವ್ಯ ಸಾನ್ನಿಧ್ಯವನ್ನು ದಿಗಂಬರೇಶ್ವರ ಮಠದ ಕಲ್ಲಿನಾಥ ದೇವರು, ಶೀಲವಂತ ಮಠದ ಕೈಲಾಸನಾಥ ಶ್ರೀಗಳು, ಅಲ್ ಹಾಜ್ ಡಾ. ಬಕ್ಕೀಯಾರವುಲ್ಲಾ ಪಠಾಣ ವಹಿಸಿಕೊಳ್ಳುವರು. ಸಚಿವ ಶಿವಾನಂದ ಪಾಟೀಲ ಹಾಗೂ ಸಂಸದ ರಮೇಶ ಜಿಗಜಿಣಗಿ ಕಾರ್ಯಕ್ರಮ ಉದ್ಘಾಟಿಸುವರು, ಮಾಜಿ ಸಚಿವ ಎಸ್.ಆರ್.ಪಾಟೀಲ, ಜಿಲ್ಲಾ ಕಾಂಗ್ರೆಸ್ ಮಹಿಳಾ ಅಧ್ಯಕ್ಷೆ ವಿದ್ಯಾರಾಣಿ ತುಂಗಳ, ರಾಜುಗೌಡ ಪಾಟೀಲ
ಪಕಾಲಿ ಜ್ಯೋತಿ ಬೆಳಗಿಸುವರು. ಮುಖ್ಯ ಅತಿಥಿಗಳಾಗಿ ಜಿಲ್ಲಾಧಿಕಾರಿ ಆನಂದ ಕೆ, ಜಿಲ್ಲಾ ಪಂಚಾಯತಿ ಸಿಇಒ, ಜಿಲ್ಲಾ ಪೊಲೀಸ್ ವರಿಷ್ಠಾಧಿಕಾರಿ ಲಕ್ಷ್ಮಣ ನಿಂಬರಗಿ, ಅಪರ ಜಿಲ್ಲಾಧಿಕಾರಿ ಸೋಮಲಿಂಗ ಗೆಣ್ಣೂರ, ಉಪ ವಿಭಾಗಾಧಿಕಾರಿ, ಶಿಕ್ಷಣಾಧಿಕಾರಿಗಳು ಸೇರಿದಂತೆ ಹಲವರು ಆಗಮಿಸುವರು ಎಂದು ಅವರು ಹೇಳಿದರು. ಪತ್ರಿಕಾಗೋಷ್ಠಿಯಲ್ಲಿ ಶಾಲೆಯ ಆಡಳಿತ ಮಂಡಳಿ ಸದಸ್ಯರು, ಶ್ರೀಮತಿ ಬಂಧನಾ ಉಪಸ್ಥಿತರಿದ್ದರು.
ಶೌಕತ ಅಲಿ ಆಲೂರು ಅವರಿಗೆ ಬಸವ ಚೇತನ ಪ್ರಶಸ್ತಿ
ಜೇವರ್ಗಿ:ಫೆ.7:ಕಲ್ಯಾಣ ಕರ್ನಾಟಕ ಅಭಿವೃದ್ಧಿ ಮಂಡಳಿ ಅಧ್ಯಕ್ಷರು ಹಾಗೂ ನಿವೃತ್ತ ಶಾಸಕರು ಸಂಸ್ಥಾಪನೆ ಮಾಡಿದ ಡಾ.ಅಜಯ್ ಧರ್ಮಸಿಂಗ್ ರವರು ಜೇವರ್ಗಿಯಲ್ಲಿ ಆರ್ ಕೆ ಪಿ ಗ್ರೂಪ್ ವತಿಯಿಂದ ನಡೆಸಲಾದ ಸನ್ಮಾನ ಕಾರ್ಯಕ್ರಮದಲ್ಲಿ
ಗ್ರಾಮೀಣ ಸಮಿತಿ ಅಧ್ಯಕ್ಷರಾದ ಶೌಕತ ಅಲಿ ಆಲೂರು ಅವರಿಗೆ ಪ್ರಶಸ್ತಿ ನೀಡಿ ಗೌರವಿಸಿದರು. ಸೊನ್ನದ ಶ್ರೀ ಸಿದ್ದಲಿಂಗ ಮಹಾಸ್ವಾಮಿಗಳು ಹಾಗೂ ಶಾಸಕರು ಶ್ರೀ ದೊಡ್ಡಪ್ಪಗೌಡ ಪಾಟೀಲ ನರಿಬೋಳ ಇದ್ದರು. "ಬಸವ ಚೇತನ" ಪ್ರಶಸ್ತಿ ಪ್ರದಾನ
ಗೌರವಿಸಿದರು. ಆರ್ ಕೆ ಪಿ ಗ್ರೂಪ್ ಮುಖಂಡರಾದ ಶ್ರೀ ವಿಜಯ ಕುಮಾರ ಕಲ್ಲಾ ಶ್ರೀ ರವೀಂದ್ರ ಗುತ್ತೇದಾರ ಶ್ರೀ ಅನಿಲ ರಾಯಪ್ಪ ಶ್ರೀ ಭಗವಂತರಾಯ ಬೆಂಚಿ ಶ್ರೀ ಮರೆಪ್ಪ ಬಡಿಗೇರ ಹಾಗೂ ಆರ್ ಕೆ ಪಿ ಗ್ರೂಪ್ ಸದಸ್ಯರು ಸೇರಿದಂತೆ ಅನೇಕರಿದ್ದರು.
